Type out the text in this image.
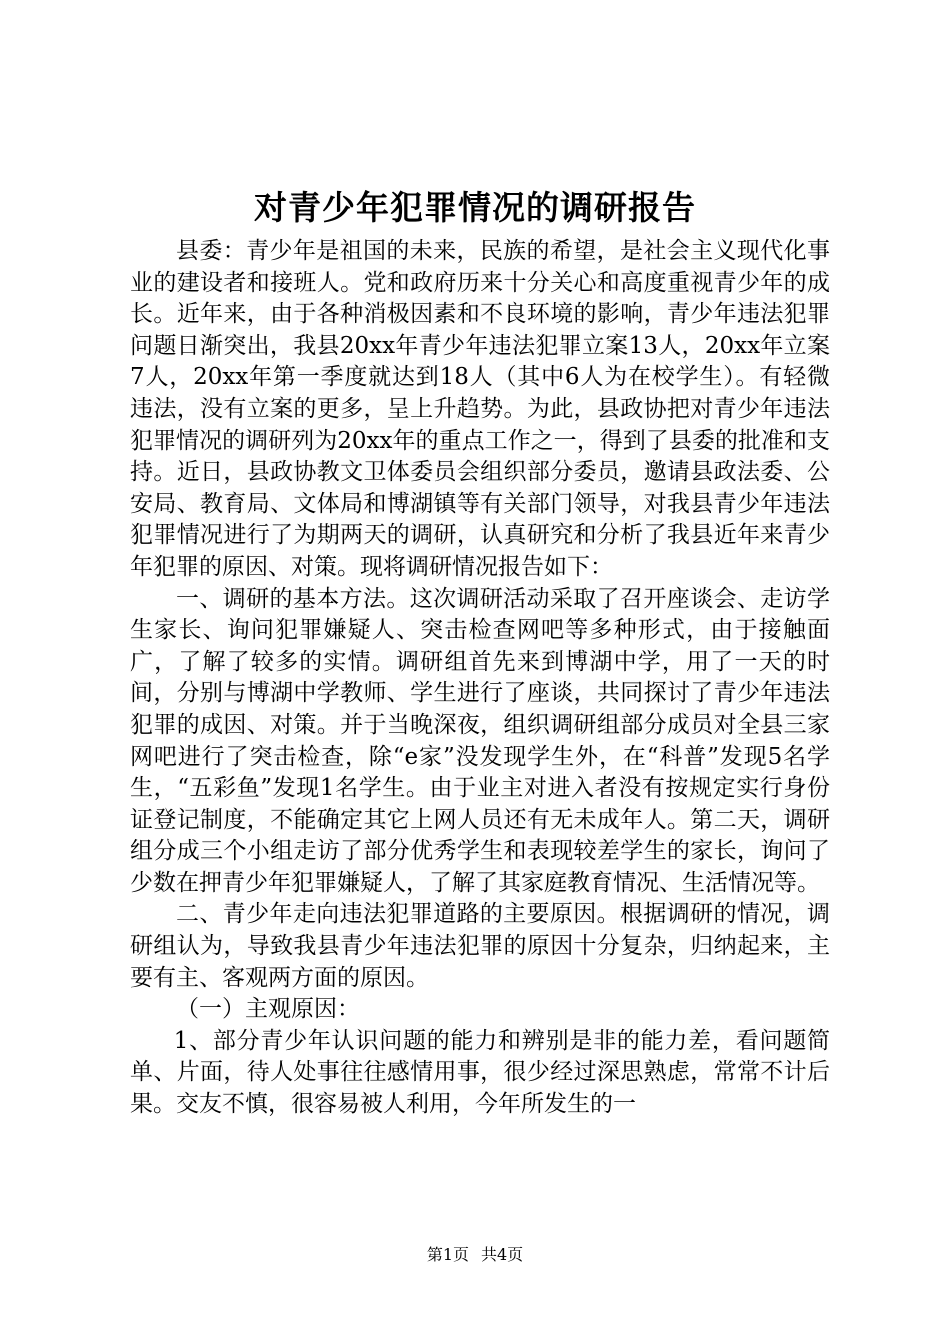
对青少年犯罪情况的调研报告

县委：青少年是祖国的未来，民族的希望，是社会主义现代化事业的建设者和接班人。党和政府历来十分关心和高度重视青少年的成长。近年来，由于各种消极因素和不良环境的影响，青少年违法犯罪问题日渐突出，我县20xx年青少年违法犯罪立案13人，20xx年立案7人，20xx年第一季度就达到18人（其中6人为在校学生）。有轻微违法，没有立案的更多，呈上升趋势。为此，县政协把对青少年违法犯罪情况的调研列为20xx年的重点工作之一，得到了县委的批准和支持。近日，县政协教文卫体委员会组织部分委员，邀请县政法委、公安局、教育局、文体局和博湖镇等有关部门领导，对我县青少年违法犯罪情况进行了为期两天的调研，认真研究和分析了我县近年来青少年犯罪的原因、对策。现将调研情况报告如下：

一、调研的基本方法。这次调研活动采取了召开座谈会、走访学生家长、询问犯罪嫌疑人、突击检查网吧等多种形式，由于接触面广，了解了较多的实情。调研组首先来到博湖中学，用了一天的时间，分别与博湖中学教师、学生进行了座谈，共同探讨了青少年违法犯罪的成因、对策。并于当晚深夜，组织调研组部分成员对全县三家网吧进行了突击检查，除“e家”没发现学生外，在“科普”发现5名学生，“五彩鱼”发现1名学生。由于业主对进入者没有按规定实行身份证登记制度，不能确定其它上网人员还有无未成年人。第二天，调研组分成三个小组走访了部分优秀学生和表现较差学生的家长，询问了少数在押青少年犯罪嫌疑人，了解了其家庭教育情况、生活情况等。

二、青少年走向违法犯罪道路的主要原因。根据调研的情况，调研组认为，导致我县青少年违法犯罪的原因十分复杂，归纳起来，主要有主、客观两方面的原因。

（一）主观原因：

1、部分青少年认识问题的能力和辨别是非的能力差，看问题简单、片面，待人处事往往感情用事，很少经过深思熟虑，常常不计后果。交友不慎，很容易被人利用，今年所发生的一

第1页 共4页
